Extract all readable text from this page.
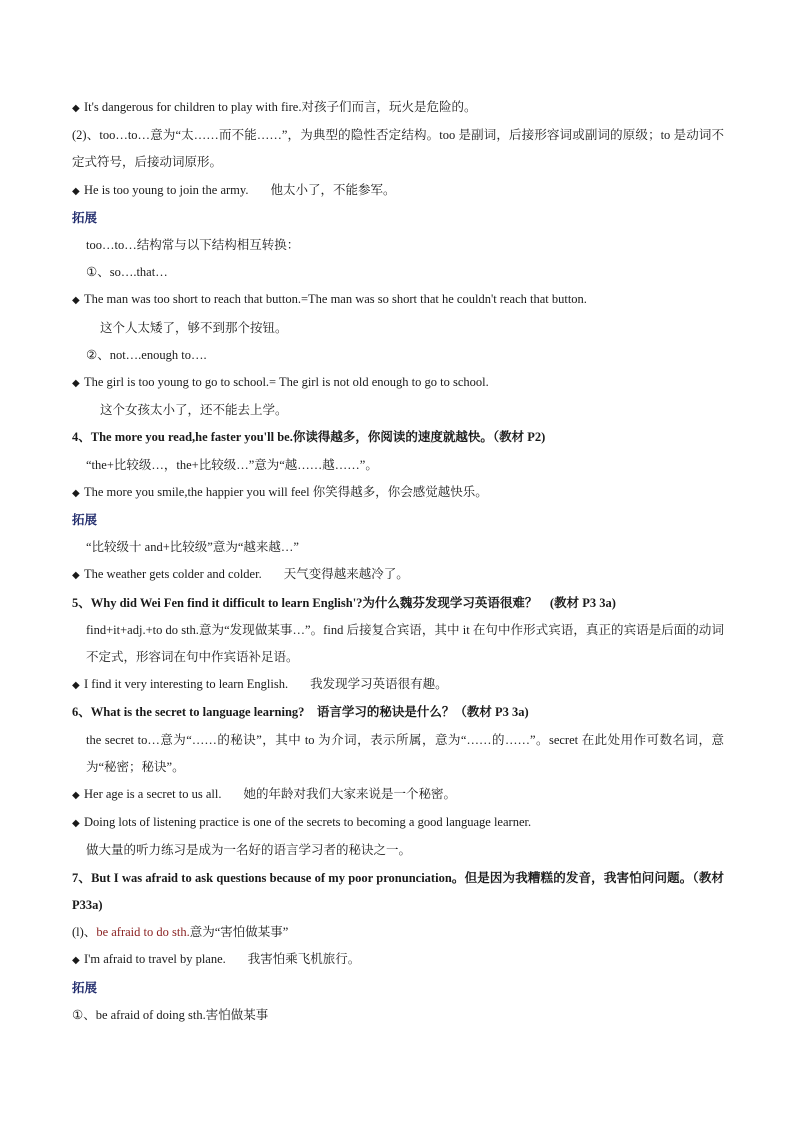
◆ It's dangerous for children to play with fire.对孩子们而言，玩火是危险的。
(2)、too…to…意为“太……而不能……”，为典型的隐性否定结构。too 是副词，后接形容词或副词的原级；to 是动词不定式符号，后接动词原形。
◆ He is too young to join the army. 他太小了，不能参军。
拓展
too…to…结构常与以下结构相互转换：
①、so….that…
◆ The man was too short to reach that button.=The man was so short that he couldn't reach that button.
这个人太矮了，够不到那个按钮。
②、not….enough to….
◆ The girl is too young to go to school.= The girl is not old enough to go to school.
这个女孩太小了，还不能去上学。
4、The more you read,he faster you'll be.你读得越多，你阅读的速度就越快。（教材 P2)
“the+比较级…，the+比较级…”意为“越……越……”。
◆ The more you smile,the happier you will feel 你笑得越多，你会感觉越快乐。
拓展
“比较级十 and+比较级”意为“越来越…”
◆ The weather gets colder and colder. 天气变得越来越冷了。
5、Why did Wei Fen find it difficult to learn English'?为什么魏芬发现学习英语很难？　(教材 P3 3a)
find+it+adj.+to do sth.意为“发现做某事…”。find 后接复合宾语，其中 it 在句中作形式宾语，真正的宾语是后面的动词不定式，形容词在句中作宾语补足语。
◆ I find it very interesting to learn English. 我发现学习英语很有趣。
6、What is the secret to language learning?　语言学习的秘诀是什么？（教材 P3 3a)
the secret to…意为“……的秘诀”，其中 to 为介词，表示所属，意为“……的……”。secret 在此处用作可数名词，意为“秘密；秘诀”。
◆ Her age is a secret to us all. 她的年龄对我们大家来说是一个秘密。
◆ Doing lots of listening practice is one of the secrets to becoming a good language learner.
做大量的听力练习是成为一名好的语言学习者的秘诀之一。
7、But I was afraid to ask questions because of my poor pronunciation。但是因为我糟糕的发音，我害怕问问题。（教材 P33a)
(l)、be afraid to do sth.意为“害怕做某事”
◆ I'm afraid to travel by plane. 我害怕乘飞机旅行。
拓展
①、be afraid of doing sth.害怕做某事
